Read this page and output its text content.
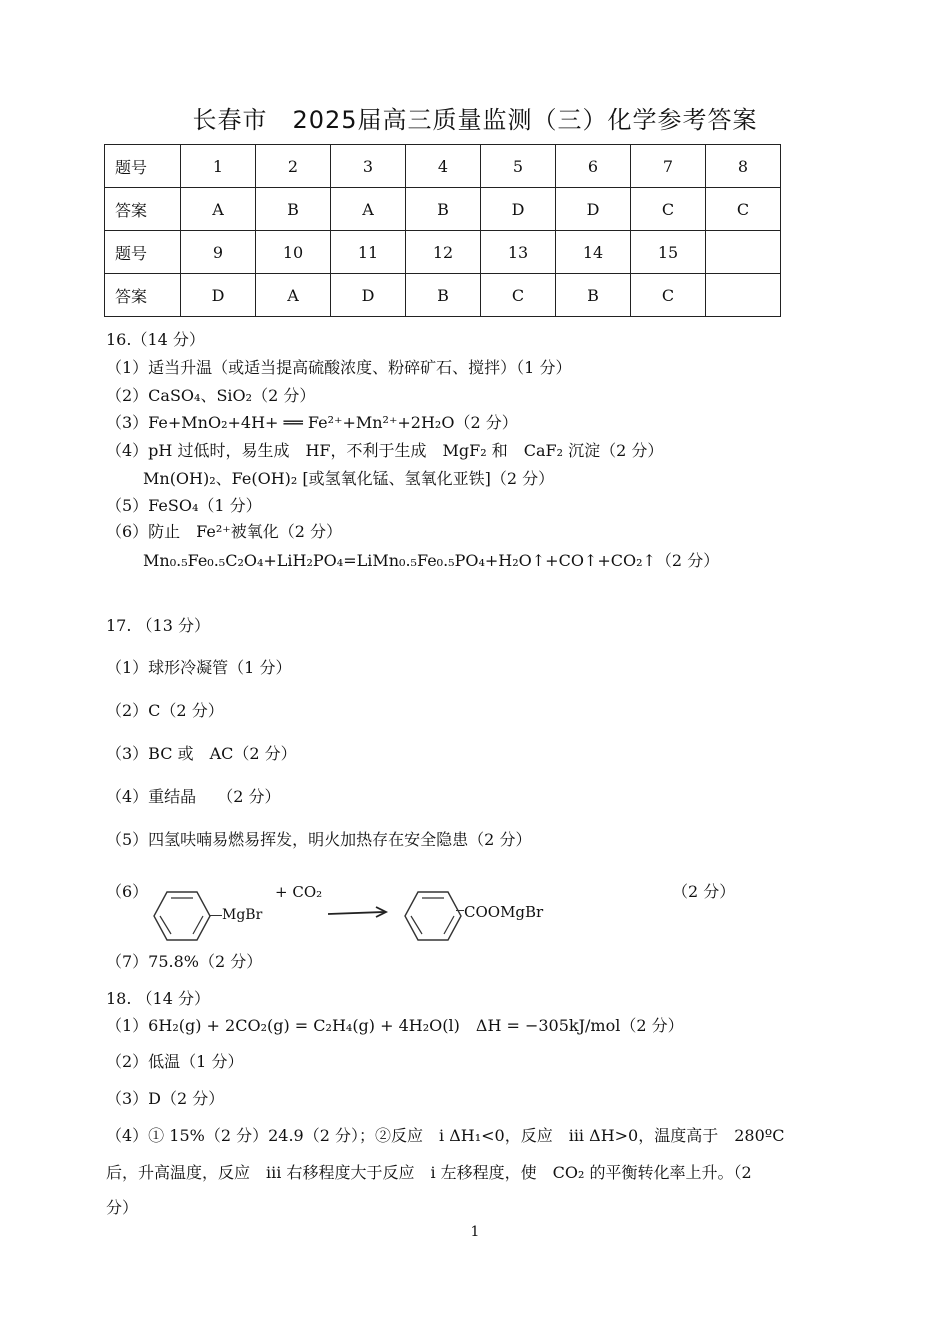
长春市　2025届高三质量监测（三）化学参考答案
题号	1	2	3	4	5	6	7	8
答案	A	B	A	B	D	D	C	C
题号	9	10	11	12	13	14	15	
答案	D	A	D	B	C	B	C	
16.（14 分）
（1）适当升温（或适当提高硫酸浓度、粉碎矿石、搅拌）（1 分）
（2）CaSO₄、SiO₂（2 分）
（3）Fe+MnO₂+4H+ ══ Fe²⁺+Mn²⁺+2H₂O（2 分）
（4）pH 过低时，易生成　HF，不利于生成　MgF₂ 和　CaF₂ 沉淀（2 分）
Mn(OH)₂、Fe(OH)₂ [或氢氧化锰、氢氧化亚铁]（2 分）
（5）FeSO₄（1 分）
（6）防止　Fe²⁺被氧化（2 分）
Mn₀.₅Fe₀.₅C₂O₄+LiH₂PO₄=LiMn₀.₅Fe₀.₅PO₄+H₂O↑+CO↑+CO₂↑（2 分）
17. （13 分）
（1）球形冷凝管（1 分）
（2）C（2 分）
（3）BC 或　AC（2 分）
（4）重结晶　 （2 分）
（5）四氢呋喃易燃易挥发，明火加热存在安全隐患（2 分）
（6）
MgBr
+ CO₂
COOMgBr
（2 分）
（7）75.8%（2 分）
18. （14 分）
（1）6H₂(g) + 2CO₂(g) = C₂H₄(g) + 4H₂O(l)　ΔH = −305kJ/mol（2 分）
（2）低温（1 分）
（3）D（2 分）
（4）① 15%（2 分）24.9（2 分）；②反应　i ΔH₁<0，反应　iii ΔH>0，温度高于　280ºC
后，升高温度，反应　iii 右移程度大于反应　i 左移程度，使　CO₂ 的平衡转化率上升。（2
分）
1
